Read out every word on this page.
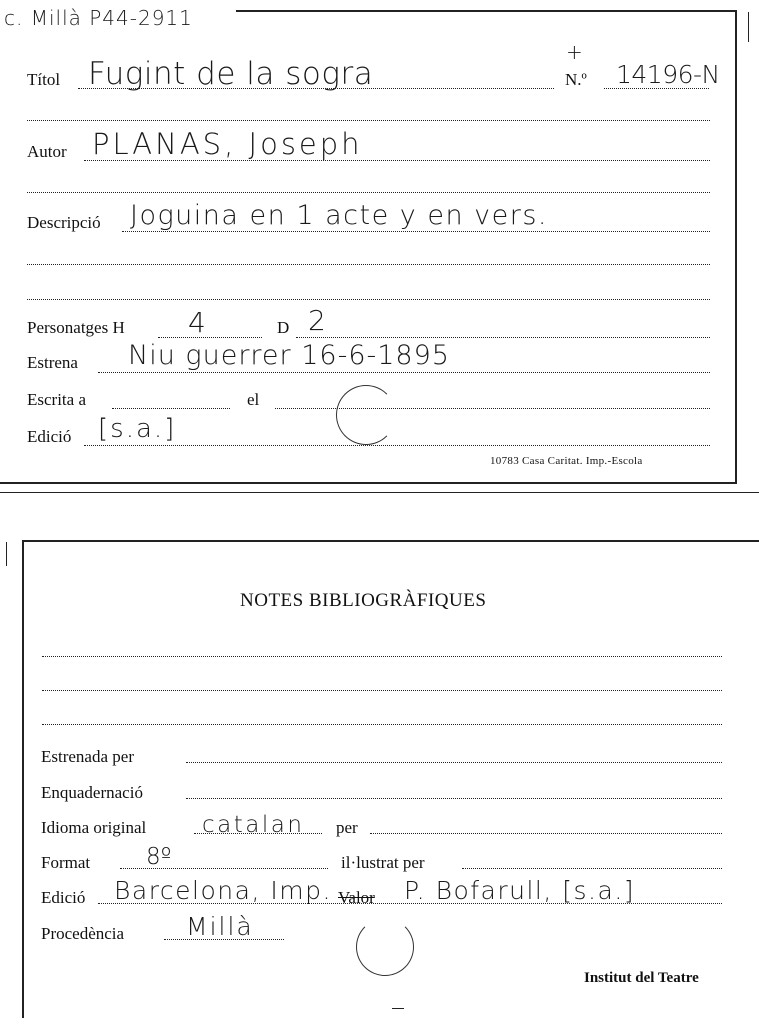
c. Millà P44-2911
Títol Fugint de la sogra
+
N.º 14196-N
Autor PLANAS, Joseph
Descripció Joguina en 1 acte y en vers.
Personatges H 4	D 2
Estrena Niu guerrer 16-6-1895
Escrita a	el
Edició [s.a.]
10783 Casa Caritat. Imp.-Escola
NOTES BIBLIOGRÀFIQUES
Estrenada per
Enquadernació
Idioma original catalan per
Format 8º	il·lustrat per
Edició Barcelona, Imp. Valor P. Bofarull, [s.a.]
Procedència Millà
Institut del Teatre
